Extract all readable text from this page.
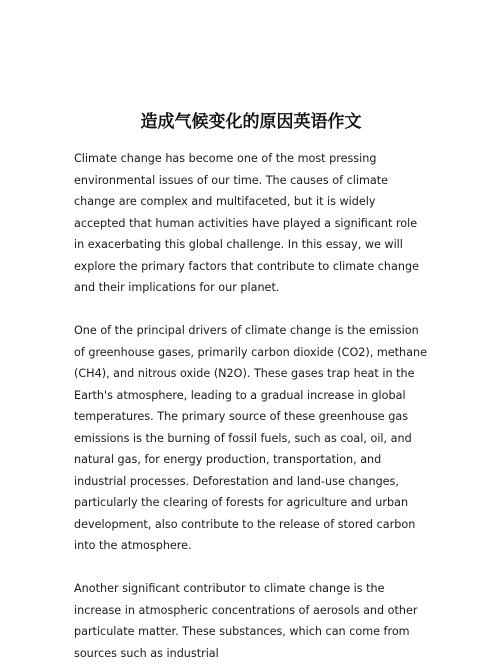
造成气候变化的原因英语作文

Climate change has become one of the most pressing environmental issues of our time. The causes of climate change are complex and multifaceted, but it is widely accepted that human activities have played a significant role in exacerbating this global challenge. In this essay, we will explore the primary factors that contribute to climate change and their implications for our planet.

One of the principal drivers of climate change is the emission of greenhouse gases, primarily carbon dioxide (CO2), methane (CH4), and nitrous oxide (N2O). These gases trap heat in the Earth's atmosphere, leading to a gradual increase in global temperatures. The primary source of these greenhouse gas emissions is the burning of fossil fuels, such as coal, oil, and natural gas, for energy production, transportation, and industrial processes. Deforestation and land-use changes, particularly the clearing of forests for agriculture and urban development, also contribute to the release of stored carbon into the atmosphere.

Another significant contributor to climate change is the increase in atmospheric concentrations of aerosols and other particulate matter. These substances, which can come from sources such as industrial
